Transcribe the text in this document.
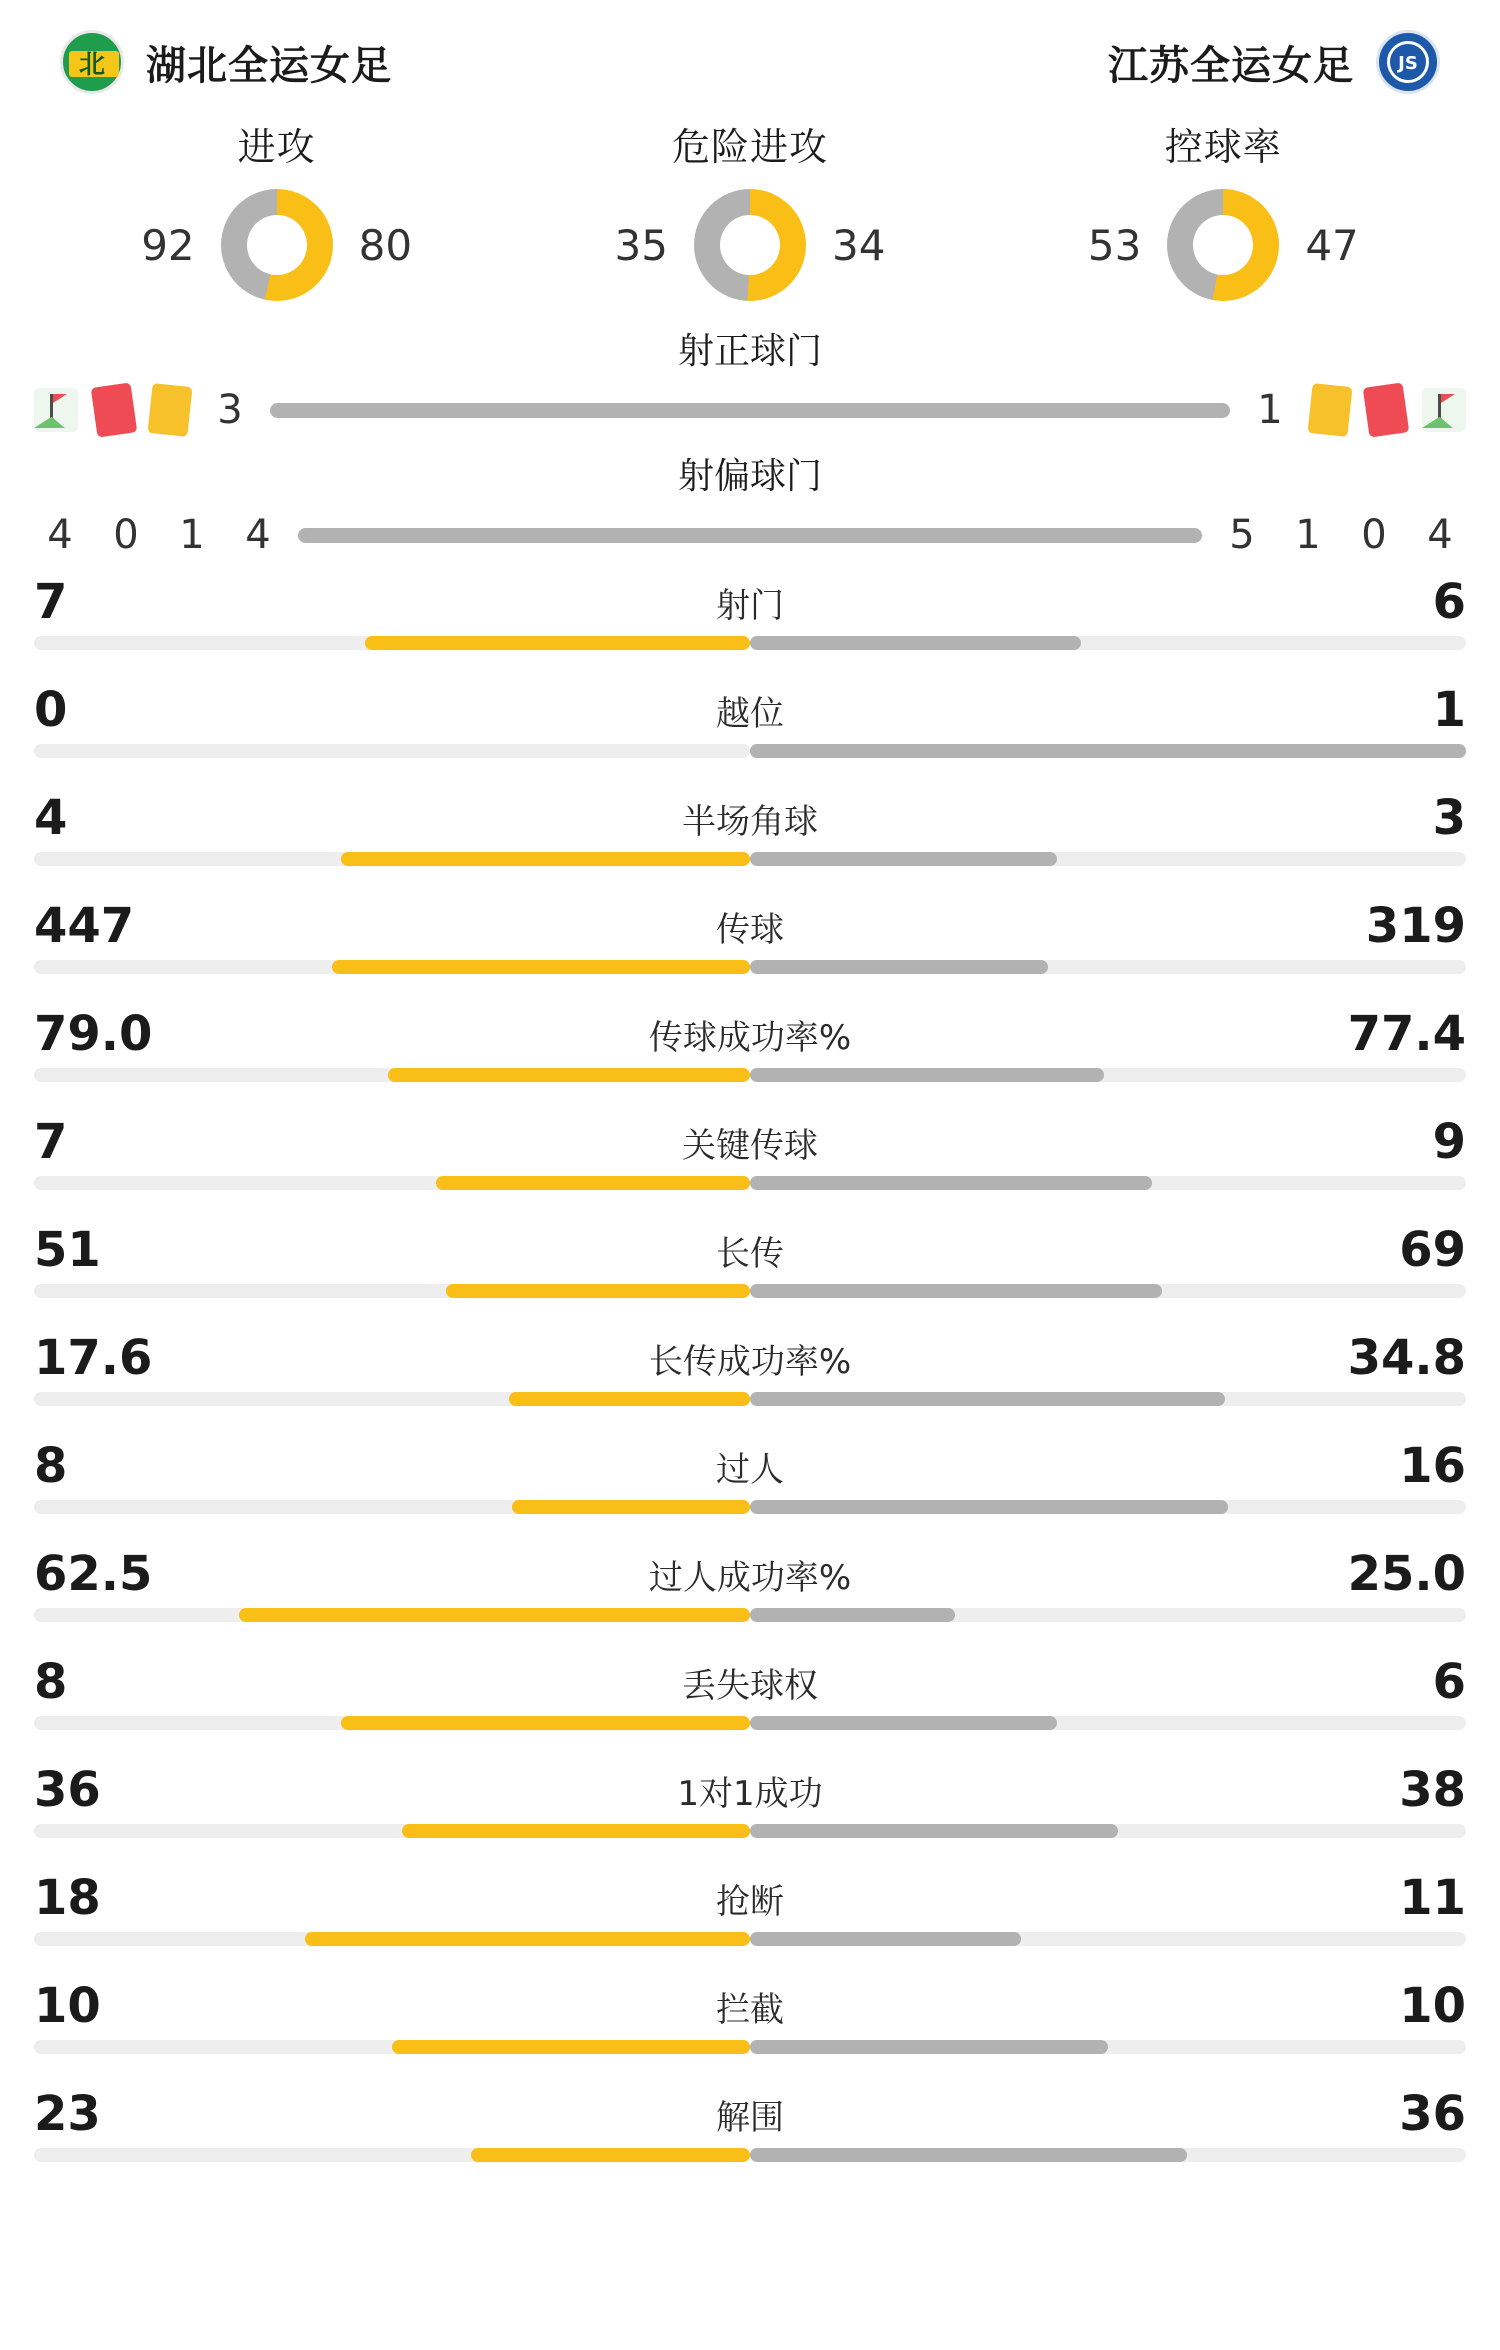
北	湖北全运女足	江苏全运女足	JS
进攻
92	80
危险进攻
35	34
控球率
53	47
射正球门
3	1
射偏球门
4	0	1	4	5	1	0	4
7	射门	6
0	越位	1
4	半场角球	3
447	传球	319
79.0	传球成功率%	77.4
7	关键传球	9
51	长传	69
17.6	长传成功率%	34.8
8	过人	16
62.5	过人成功率%	25.0
8	丢失球权	6
36	1对1成功	38
18	抢断	11
10	拦截	10
23	解围	36
